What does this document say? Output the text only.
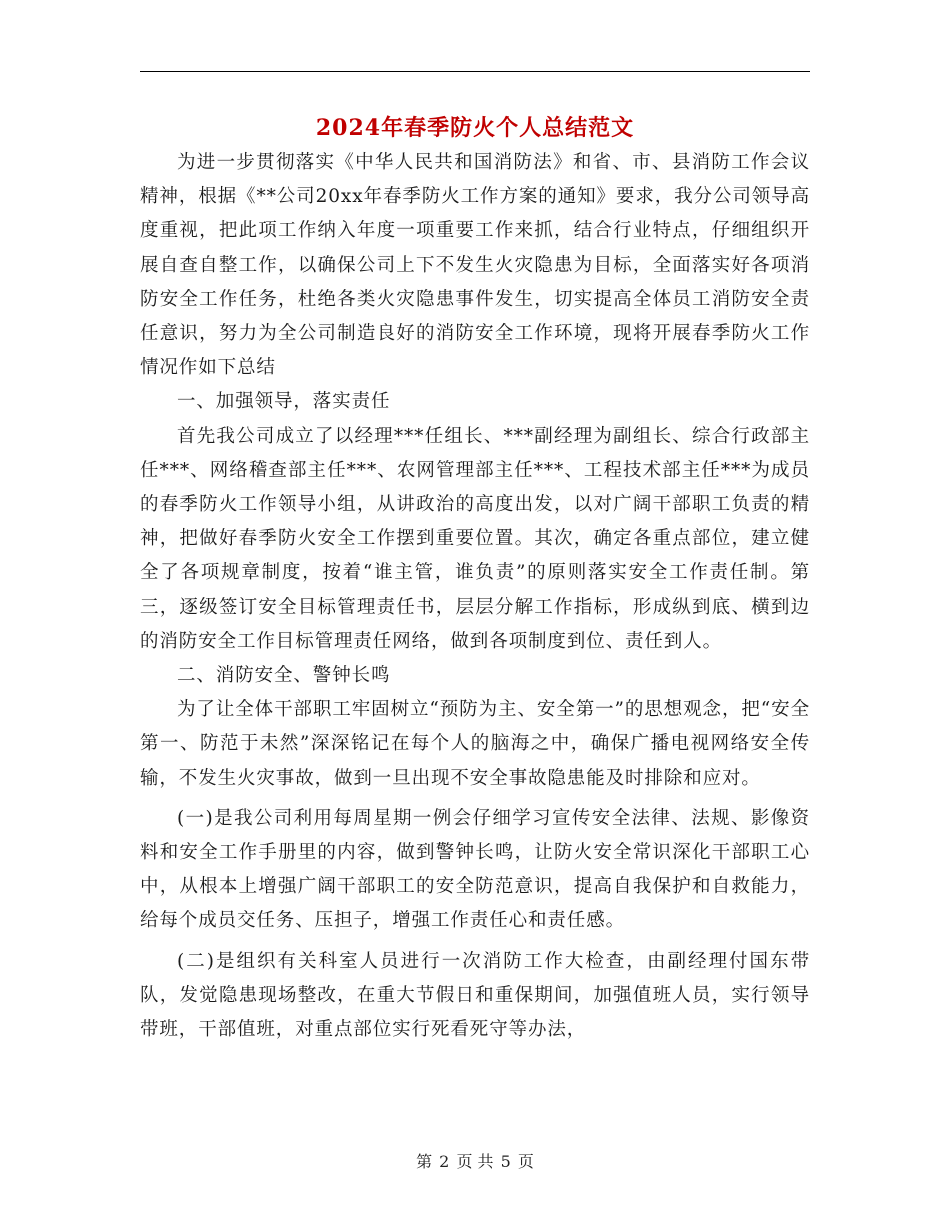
2024年春季防火个人总结范文

为进一步贯彻落实《中华人民共和国消防法》和省、市、县消防工作会议精神，根据《**公司20xx年春季防火工作方案的通知》要求，我分公司领导高度重视，把此项工作纳入年度一项重要工作来抓，结合行业特点，仔细组织开展自查自整工作，以确保公司上下不发生火灾隐患为目标，全面落实好各项消防安全工作任务，杜绝各类火灾隐患事件发生，切实提高全体员工消防安全责任意识，努力为全公司制造良好的消防安全工作环境，现将开展春季防火工作情况作如下总结

一、加强领导，落实责任

首先我公司成立了以经理***任组长、***副经理为副组长、综合行政部主任***、网络稽查部主任***、农网管理部主任***、工程技术部主任***为成员的春季防火工作领导小组，从讲政治的高度出发，以对广阔干部职工负责的精神，把做好春季防火安全工作摆到重要位置。其次，确定各重点部位，建立健全了各项规章制度，按着“谁主管，谁负责”的原则落实安全工作责任制。第三，逐级签订安全目标管理责任书，层层分解工作指标，形成纵到底、横到边的消防安全工作目标管理责任网络，做到各项制度到位、责任到人。

二、消防安全、警钟长鸣

为了让全体干部职工牢固树立“预防为主、安全第一”的思想观念，把“安全第一、防范于未然”深深铭记在每个人的脑海之中，确保广播电视网络安全传输，不发生火灾事故，做到一旦出现不安全事故隐患能及时排除和应对。

(一)是我公司利用每周星期一例会仔细学习宣传安全法律、法规、影像资料和安全工作手册里的内容，做到警钟长鸣，让防火安全常识深化干部职工心中，从根本上增强广阔干部职工的安全防范意识，提高自我保护和自救能力，给每个成员交任务、压担子，增强工作责任心和责任感。

(二)是组织有关科室人员进行一次消防工作大检查，由副经理付国东带队，发觉隐患现场整改，在重大节假日和重保期间，加强值班人员，实行领导带班，干部值班，对重点部位实行死看死守等办法，

第 2 页 共 5 页
